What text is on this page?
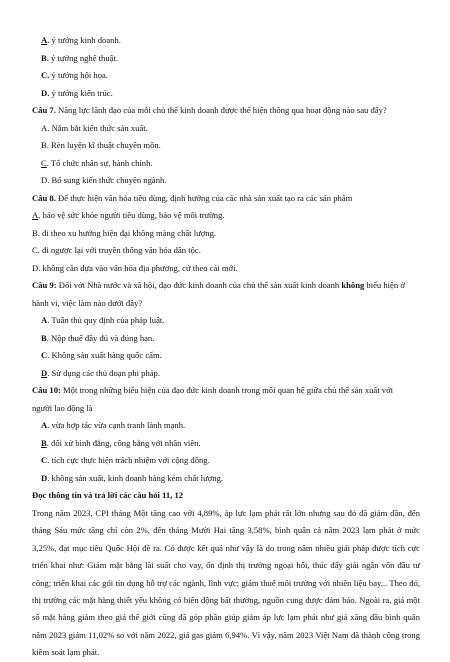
A. ý tưởng kinh doanh.
B. ý tưởng nghệ thuật.
C. ý tưởng hội họa.
D. ý tưởng kiến trúc.
Câu 7. Năng lực lãnh đạo của mỗi chủ thể kinh doanh được thể hiện thông qua hoạt động nào sau đây?
A. Nắm bắt kiến thức sản xuất.
B. Rèn luyện kĩ thuật chuyên môn.
C. Tổ chức nhân sự, hành chính.
D. Bổ sung kiến thức chuyên ngành.
Câu 8. Để thực hiện văn hóa tiêu dùng, định hướng của các nhà sản xuất tạo ra các sản phẩm
A. bảo vệ sức khỏe người tiêu dùng, bảo vệ môi trường.
B. đi theo xu hướng hiện đại không màng chất lượng.
C. đi ngược lại với truyền thống văn hóa dân tộc.
D. không cần dựa vào văn hóa địa phương, cứ theo cái mới.
Câu 9: Đối với Nhà nước và xã hội, đạo đức kinh doanh của chủ thể sản xuất kinh doanh không biểu hiện ở
hành vi, việc làm nào dưới đây?
A. Tuân thủ quy định của pháp luật.
B. Nộp thuế đầy đủ và đúng hạn.
C. Không sản xuất hàng quốc cấm.
D. Sử dụng các thủ đoạn phi pháp.
Câu 10: Một trong những biểu hiện của đạo đức kinh doanh trong mối quan hệ giữa chủ thể sản xuất với
người lao động là
A. vừa hợp tác vừa cạnh tranh lành mạnh.
B. đối xử bình đẳng, công bằng với nhân viên.
C. tích cực thực hiện trách nhiệm với cộng đồng.
D. không sản xuất, kinh doanh hàng kém chất lượng.
Đọc thông tin và trả lời các câu hỏi 11, 12
Trong năm 2023, CPI tháng Một tăng cao với 4,89%, áp lực lạm phát rất lớn nhưng sau đó đã giảm dần, đến tháng Sáu mức tăng chỉ còn 2%, đến tháng Mười Hai tăng 3,58%, bình quân cả năm 2023 lạm phát ở mức 3,25%, đạt mục tiêu Quốc Hội đề ra. Có được kết quả như vậy là do trong năm nhiều giải pháp được tích cực triển khai như: Giảm mặt bằng lãi suất cho vay, ổn định thị trường ngoại hối, thúc đẩy giải ngân vốn đầu tư công; triển khai các gói tín dụng hỗ trợ các ngành, lĩnh vực; giảm thuế môi trường với nhiên liệu bay... Theo đó, thị trường các mặt hàng thiết yếu không có biến động bất thường, nguồn cung được đảm bảo. Ngoài ra, giá một số mặt hàng giảm theo giá thế giới cũng đã góp phần giúp giảm áp lực lạm phát như giá xăng dầu bình quân năm 2023 giảm 11,02% so với năm 2022, giá gas giảm 6,94%. Vì vậy, năm 2023 Việt Nam đã thành công trong kiềm soát lạm phát.
